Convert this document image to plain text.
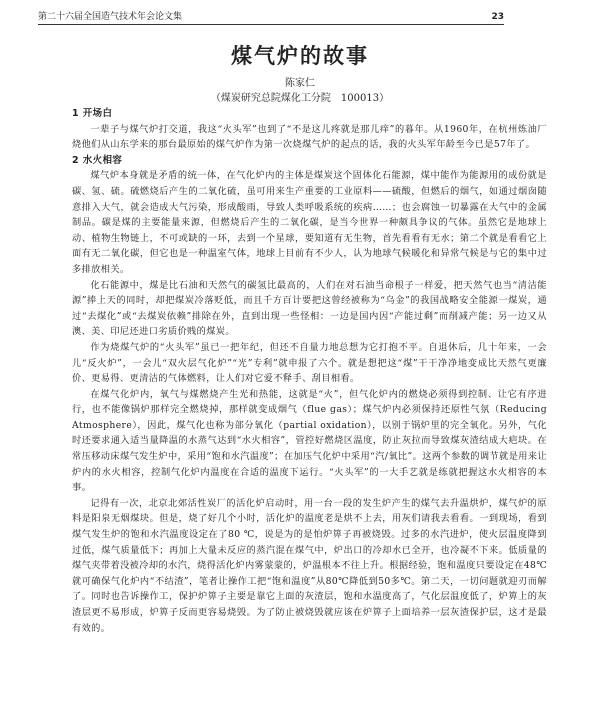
第二十六届全国造气技术年会论文集	23
煤气炉的故事
陈家仁
（煤炭研究总院煤化工分院　100013）
1 开场白

一辈子与煤气炉打交道，我这“火头军”也到了“不是这儿疼就是那儿痒”的暮年。从1960年，在杭州炼油厂烧他们从山东学来的那台最原始的煤气炉作为第一次烧煤气炉的起点的话，我的火头军年龄至今已是57年了。

2 水火相容

煤气炉本身就是矛盾的统一体，在气化炉内的主体是煤炭这个固体化石能源，煤中能作为能源用的成份就是碳、氢、硫。硫燃烧后产生的二氧化硫，虽可用来生产重要的工业原料——硫酸，但燃后的烟气，如通过烟囱随意排入大气，就会造成大气污染，形成酸雨，导致人类呼吸系统的疾病……；也会腐蚀一切暴露在大气中的金属制品。碳是煤的主要能量来源，但燃烧后产生的二氧化碳，是当今世界一种颇具争议的气体。虽然它是地球上动、植物生物链上，不可或缺的一环，去到一个星球，要知道有无生物，首先看看有无水；第二个就是看看它上面有无二氧化碳，但它也是一种温室气体，地球上目前有不少人，认为地球气候暖化和异常气候是与它的集中过多排放相关。

化石能源中，煤是比石油和天然气的碳氢比最高的，人们在对石油当命根子一样爱，把天然气也当“清洁能源”捧上天的同时，却把煤炭冷落贬低，而且千方百计要把这曾经被称为“乌金”的我国战略安全能源一煤炭，通过“去煤化”或“去煤炭依赖”排除在外，直到出现一些怪相：一边是国内因“产能过剩”而削减产能；另一边又从澳、美、印尼还进口劣质价贱的煤炭。

作为烧煤气炉的“火头军”虽已一把年纪，但还不自量力地总想为它打抱不平。自退休后，几十年来，一会儿“反火炉”，一会儿“双火层气化炉”“光”专利”就申报了六个。就是想把这“煤”干干净净地变成比天然气更廉价、更易得、更清洁的气体燃料，让人们对它爱不释手、刮目相看。

在煤气化炉内，氧气与煤燃烧产生光和热能，这就是“火”，但气化炉内的燃烧必须得到控制、让它有序进行，也不能像锅炉那样完全燃烧掉，那样就变成烟气（flue gas）；煤气炉内必须保持还原性气氛（Reducing Atmosphere），因此，煤气化也称为部分氧化（partial oxidation），以别于锅炉里的完全氧化。另外，气化时还要求通入适当量降温的水蒸气达到“水火相容”，管控好燃烧区温度，防止灰拉而导致煤灰渣结成大疤块。在常压移动床煤气发生炉中，采用“饱和水汽温度”；在加压气化炉中采用“汽/氧比”。这两个参数的调节就是用来让炉内的水火相容，控制气化炉内温度在合适的温度下运行。“火头军”的一大手艺就是练就把握这水火相容的本事。

记得有一次，北京北郊活性炭厂的活化炉启动时，用一台一段的发生炉产生的煤气去升温烘炉，煤气炉的原料是阳泉无烟煤块。但是，烧了好几个小时，活化炉的温度老是烘不上去，用灰们请我去看看。一到现场，看到煤气发生炉的饱和水汽温度设定在了80 ℃，说是为的是怕炉箅子再被烧毁。过多的水汽进炉，使火层温度降到过低，煤气质量低下；再加上大量未反应的蒸汽混在煤气中，炉出口的冷却水已全开，也冷凝不下来。低质量的煤气夹带着没被冷却的水汽，烧得活化炉内雾蒙蒙的，炉温根本不往上升。根据经验，饱和温度只要设定在48℃就可确保气化炉内“不结渣”，笔者让操作工把“饱和温度”从80℃降低到50多℃。第二天，一切问题就迎刃而解了。同时也告诉操作工，保护炉箅子主要是靠它上面的灰渣层，饱和水温度高了，气化层温度低了，炉箅上的灰渣层更不易形成，炉箅子反而更容易烧毁。为了防止被烧毁就应该在炉箅子上面培养一层灰渣保护层，这才是最有效的。
